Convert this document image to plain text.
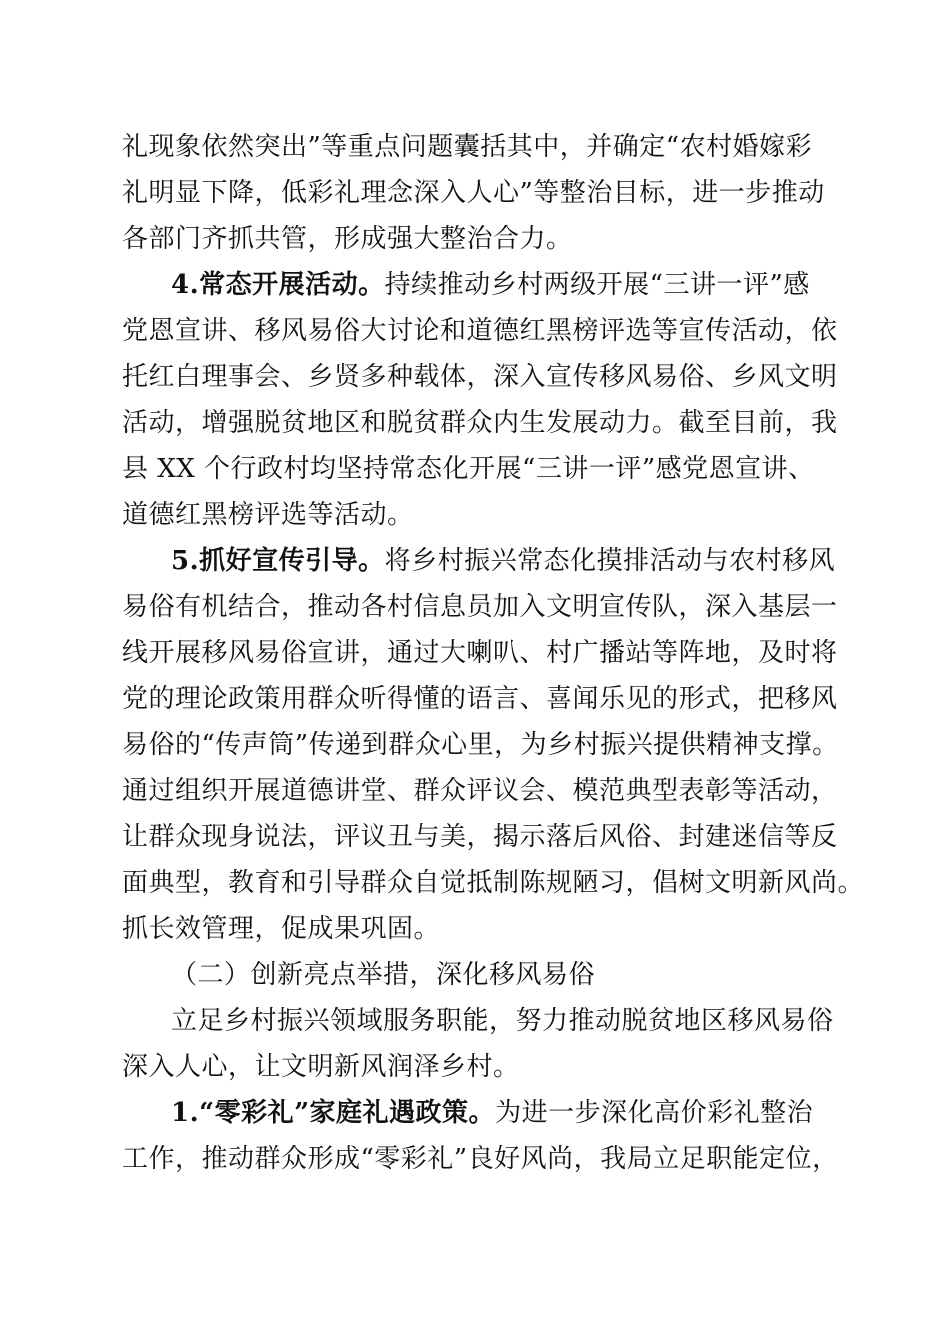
礼现象依然突出”等重点问题囊括其中，并确定“农村婚嫁彩
礼明显下降，低彩礼理念深入人心”等整治目标，进一步推动
各部门齐抓共管，形成强大整治合力。
4.常态开展活动。持续推动乡村两级开展“三讲一评”感
党恩宣讲、移风易俗大讨论和道德红黑榜评选等宣传活动，依
托红白理事会、乡贤多种载体，深入宣传移风易俗、乡风文明
活动，增强脱贫地区和脱贫群众内生发展动力。截至目前，我
县 XX 个行政村均坚持常态化开展“三讲一评”感党恩宣讲、
道德红黑榜评选等活动。
5.抓好宣传引导。将乡村振兴常态化摸排活动与农村移风
易俗有机结合，推动各村信息员加入文明宣传队，深入基层一
线开展移风易俗宣讲，通过大喇叭、村广播站等阵地，及时将
党的理论政策用群众听得懂的语言、喜闻乐见的形式，把移风
易俗的“传声筒”传递到群众心里，为乡村振兴提供精神支撑。
通过组织开展道德讲堂、群众评议会、模范典型表彰等活动，
让群众现身说法，评议丑与美，揭示落后风俗、封建迷信等反
面典型，教育和引导群众自觉抵制陈规陋习，倡树文明新风尚。
抓长效管理，促成果巩固。
（二）创新亮点举措，深化移风易俗
立足乡村振兴领域服务职能，努力推动脱贫地区移风易俗
深入人心，让文明新风润泽乡村。
1.“零彩礼”家庭礼遇政策。为进一步深化高价彩礼整治
工作，推动群众形成“零彩礼”良好风尚，我局立足职能定位，
